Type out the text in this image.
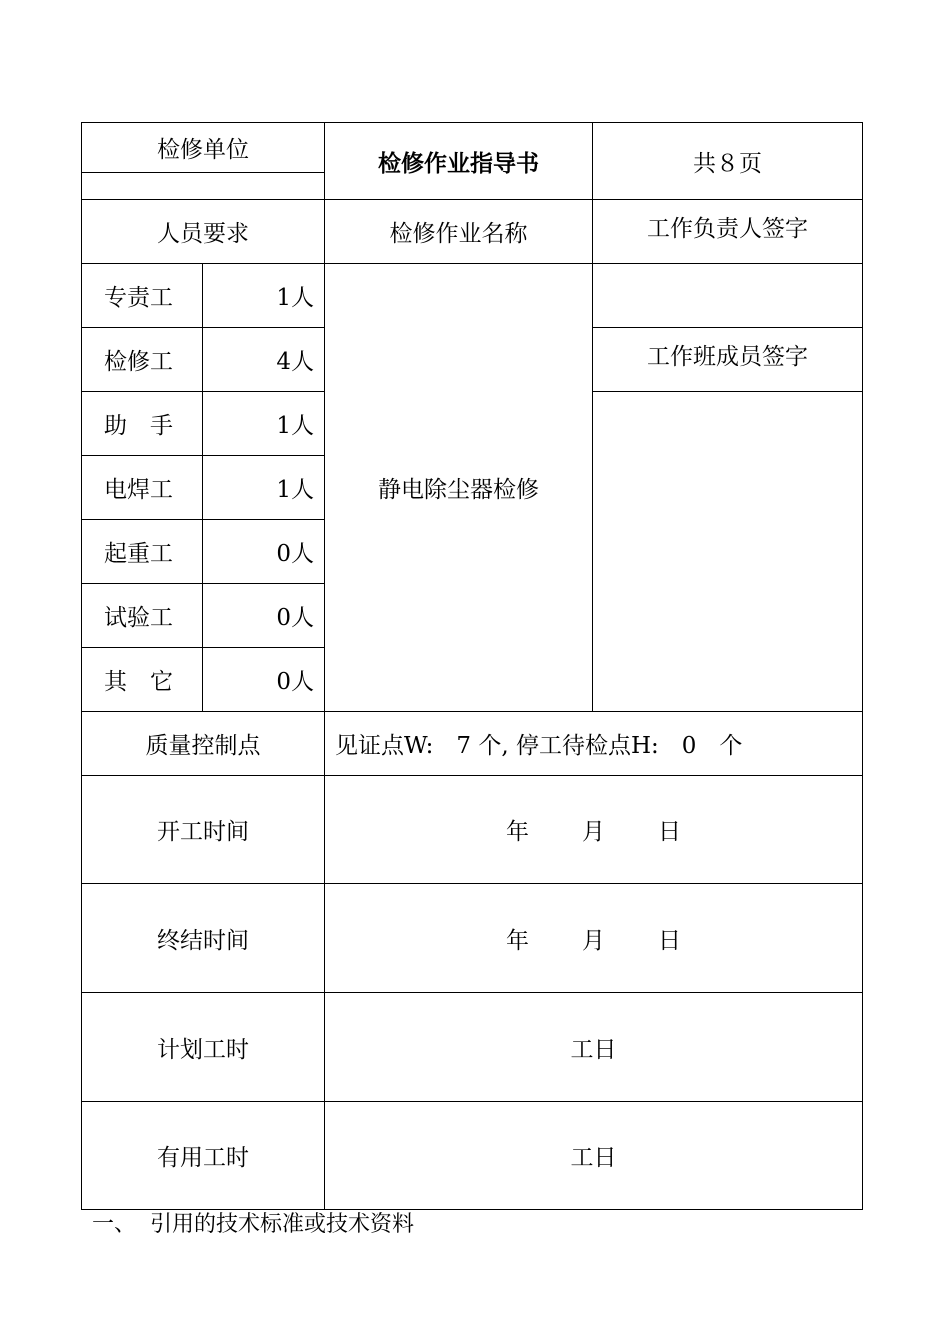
检修单位		检修作业指导书	共８页
人员要求		检修作业名称	工作负责人签字
专责工	1人	静电除尘器检修	
检修工	4人		工作班成员签字
助　手	1人		
电焊工	1人		
起重工	0人		
试验工	0人		
其　它	0人		
质量控制点		见证点W:　7 个, 停工待检点H:　0　个	
开工时间		年 月 日	
终结时间		年 月 日	
计划工时		工日	
有用工时		工日	
一、 引用的技术标准或技术资料
